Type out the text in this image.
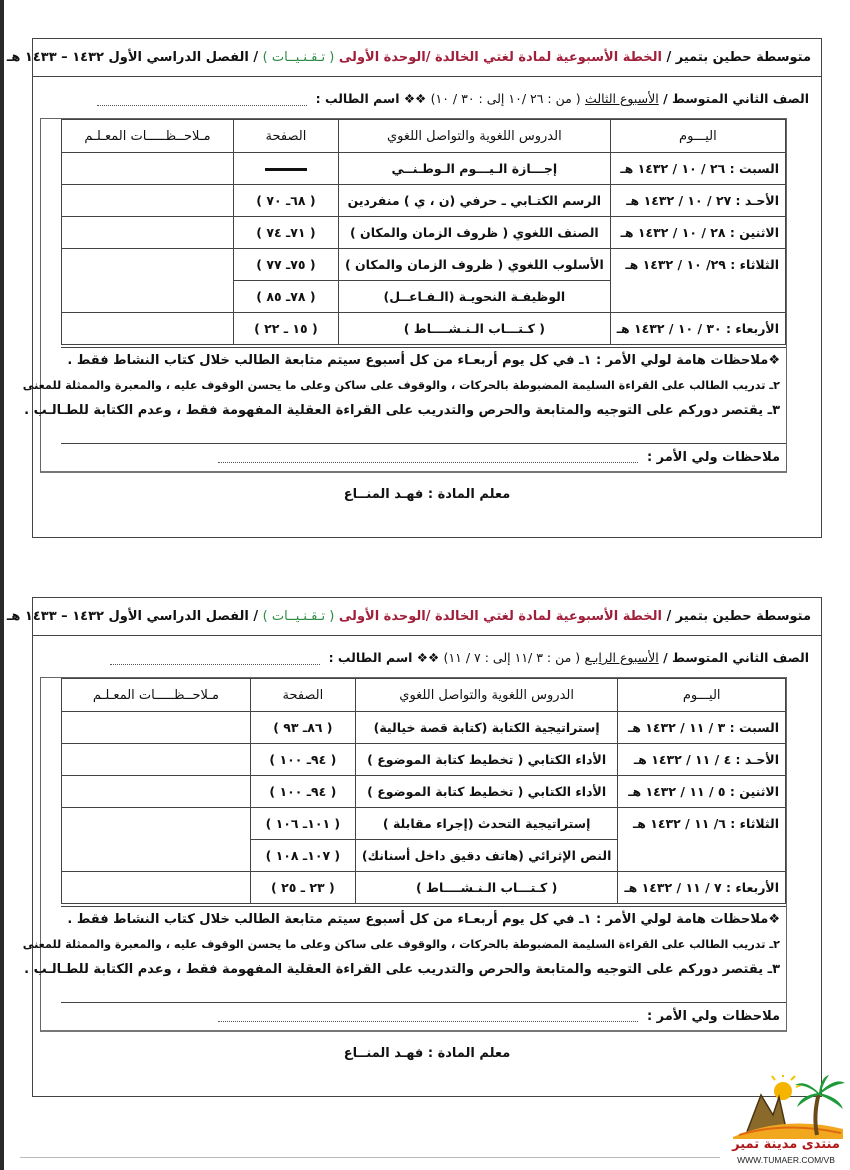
متوسطة حطين بتمير / الخطة الأسبوعية لمادة لغتي الخالدة /الوحدة الأولى ( تـقـنـيــات ) / الفصل الدراسي الأول ١٤٣٢ – ١٤٣٣ هـ
الصف الثاني المتوسط / الأسبوع الثالث ( من : ٢٦ /١٠ إلى : ٣٠ / ١٠) ❖❖ اسم الطالب :
اليـــوم	الدروس اللغوية والتواصل اللغوي	الصفحة	مـلاحــظـــــات المعـلـم
السبت : ٢٦ / ١٠ / ١٤٣٢ هـ	إجـــازة الـيـــوم الـوطـنــي		
الأحـد : ٢٧ / ١٠ / ١٤٣٢ هـ	الرسم الكتـابي ـ حرفي (ن ، ي ) منفردين	( ٦٨ـ ٧٠ )	
الاثنين : ٢٨ / ١٠ / ١٤٣٢ هـ	الصنف اللغوي ( ظروف الزمان والمكان )	( ٧١ـ ٧٤ )	
الثلاثاء : ٢٩/ ١٠ / ١٤٣٢ هـ	الأسلوب اللغوي ( ظروف الزمان والمكان )	( ٧٥ـ ٧٧ )	
	الوظيفـة النحويـة (الـفـاعــل)	( ٧٨ـ ٨٥ )	
الأربعاء : ٣٠ / ١٠ / ١٤٣٢ هـ	( كـتـــاب الـنـشــــاط )	( ١٥ ـ ٢٢ )	
❖ملاحظات هامة لولي الأمر : ١ـ في كل يوم أربعـاء من كل أسبوع سيتم متابعة الطالب خلال كتاب النشاط فقط .
٢ـ تدريب الطالب على القراءة السليمة المضبوطة بالحركات ، والوقوف على ساكن وعلى ما يحسن الوقوف عليه ، والمعبرة والممثلة للمعنى
٣ـ يقتصر دوركم على التوجيه والمتابعة والحرص والتدريب على القراءة العقلية المفهومة فقط ، وعدم الكتابة للطـالـب .
ملاحظات ولي الأمر :
معلم المادة : فهـد المنــاع
متوسطة حطين بتمير / الخطة الأسبوعية لمادة لغتي الخالدة /الوحدة الأولى ( تـقـنـيــات ) / الفصل الدراسي الأول ١٤٣٢ – ١٤٣٣ هـ
الصف الثاني المتوسط / الأسبوع الرابـع ( من : ٣ /١١ إلى : ٧ / ١١) ❖❖ اسم الطالب :
اليـــوم	الدروس اللغوية والتواصل اللغوي	الصفحة	مـلاحــظـــــات المعـلـم
السبت : ٣ / ١١ / ١٤٣٢ هـ	إستراتيجية الكتابة (كتابة قصة خيالية)	( ٨٦ـ ٩٣ )	
الأحـد : ٤ / ١١ / ١٤٣٢ هـ	الأداء الكتابي ( تخطيط كتابة الموضوع )	( ٩٤ـ ١٠٠ )	
الاثنين : ٥ / ١١ / ١٤٣٢ هـ	الأداء الكتابي ( تخطيط كتابة الموضوع )	( ٩٤ـ ١٠٠ )	
الثلاثاء : ٦/ ١١ / ١٤٣٢ هـ	إستراتيجية التحدث (إجراء مقابلة )	( ١٠١ـ ١٠٦ )	
	النص الإثرائي (هاتف دقيق داخل أسنانك)	( ١٠٧ـ ١٠٨ )	
الأربعاء : ٧ / ١١ / ١٤٣٢ هـ	( كـتـــاب الـنـشــــاط )	( ٢٣ ـ ٢٥ )	
❖ملاحظات هامة لولي الأمر : ١ـ في كل يوم أربعـاء من كل أسبوع سيتم متابعة الطالب خلال كتاب النشاط فقط .
٢ـ تدريب الطالب على القراءة السليمة المضبوطة بالحركات ، والوقوف على ساكن وعلى ما يحسن الوقوف عليه ، والمعبرة والممثلة للمعنى
٣ـ يقتصر دوركم على التوجيه والمتابعة والحرص والتدريب على القراءة العقلية المفهومة فقط ، وعدم الكتابة للطـالـب .
ملاحظات ولي الأمر :
معلم المادة : فهـد المنــاع
منتدى مدينة تمير
WWW.TUMAER.COM/VB
